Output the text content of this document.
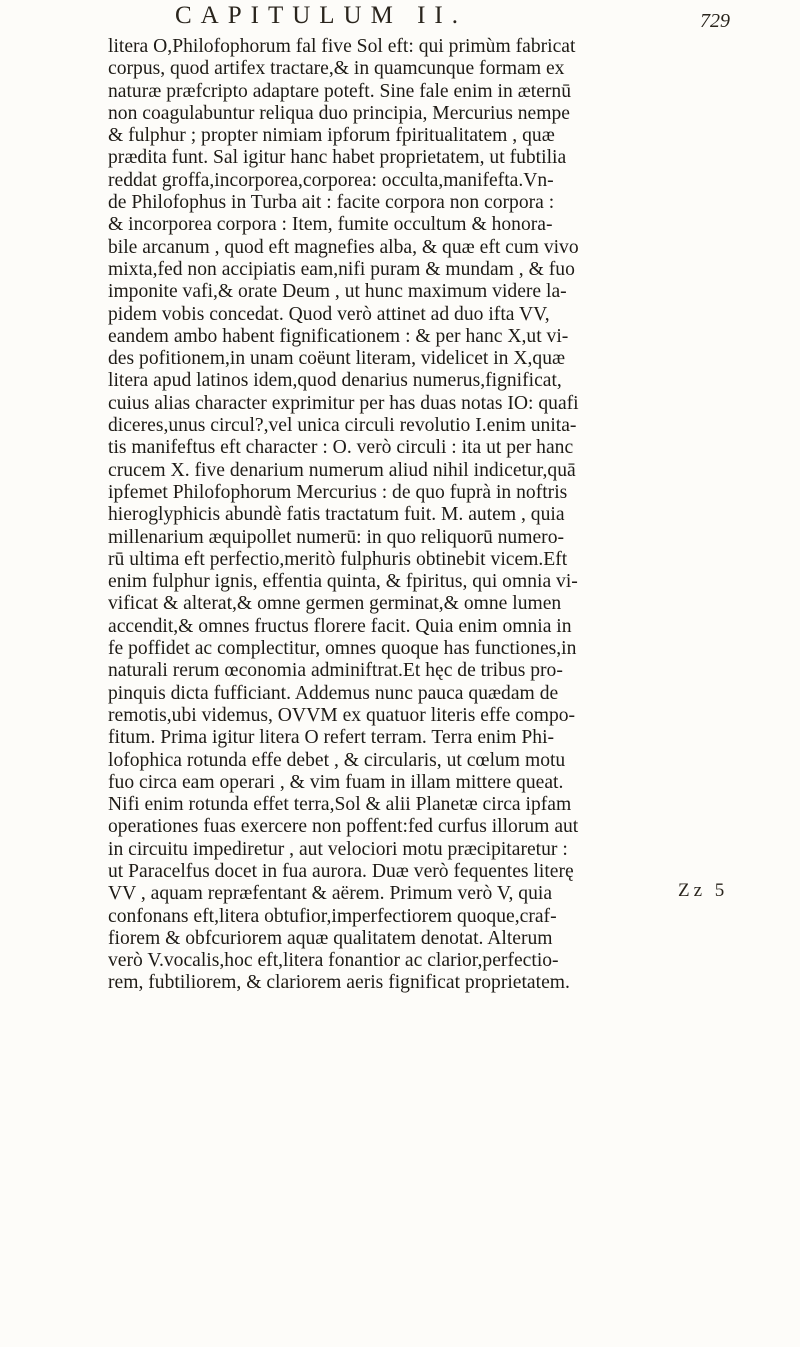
CAPITULUM II.	729
litera O,Philofophorum fal five Sol eft: qui primùm fabricat
corpus, quod artifex tractare,& in quamcunque formam ex
naturæ præfcripto adaptare poteft. Sine fale enim in æternū
non coagulabuntur reliqua duo principia, Mercurius nempe
& fulphur ; propter nimiam ipforum fpiritualitatem , quæ
prædita funt. Sal igitur hanc habet proprietatem, ut fubtilia
reddat groffa,incorporea,corporea: occulta,manifefta.Vn-
de Philofophus in Turba ait : facite corpora non corpora :
& incorporea corpora : Item, fumite occultum & honora-
bile arcanum , quod eft magnefies alba, & quæ eft cum vivo
mixta,fed non accipiatis eam,nifi puram & mundam , & fuo
imponite vafi,& orate Deum , ut hunc maximum videre la-
pidem vobis concedat. Quod verò attinet ad duo ifta VV,
eandem ambo habent fignificationem : & per hanc X,ut vi-
des pofitionem,in unam coëunt literam, videlicet in X,quæ
litera apud latinos idem,quod denarius numerus,fignificat,
cuius alias character exprimitur per has duas notas IO: quafi
diceres,unus circul?,vel unica circuli revolutio I.enim unita-
tis manifeftus eft character : O. verò circuli : ita ut per hanc
crucem X. five denarium numerum aliud nihil indicetur,quā
ipfemet Philofophorum Mercurius : de quo fuprà in noftris
hieroglyphicis abundè fatis tractatum fuit. M. autem , quia
millenarium æquipollet numerū: in quo reliquorū numero-
rū ultima eft perfectio,meritò fulphuris obtinebit vicem.Eft
enim fulphur ignis, effentia quinta, & fpiritus, qui omnia vi-
vificat & alterat,& omne germen germinat,& omne lumen
accendit,& omnes fructus florere facit. Quia enim omnia in
fe poffidet ac complectitur, omnes quoque has functiones,in
naturali rerum œconomia adminiftrat.Et hęc de tribus pro-
pinquis dicta fufficiant. Addemus nunc pauca quædam de
remotis,ubi videmus, OVVM ex quatuor literis effe compo-
fitum. Prima igitur litera O refert terram. Terra enim Phi-
lofophica rotunda effe debet , & circularis, ut cœlum motu
fuo circa eam operari , & vim fuam in illam mittere queat.
Nifi enim rotunda effet terra,Sol & alii Planetæ circa ipfam
operationes fuas exercere non poffent:fed curfus illorum aut
in circuitu impediretur , aut velociori motu præcipitaretur :
ut Paracelfus docet in fua aurora. Duæ verò fequentes literę
VV , aquam repræfentant & aërem. Primum verò V, quia
confonans eft,litera obtufior,imperfectiorem quoque,craf-
fiorem & obfcuriorem aquæ qualitatem denotat. Alterum
verò V.vocalis,hoc eft,litera fonantior ac clarior,perfectio-
rem, fubtiliorem, & clariorem aeris fignificat proprietatem.
Zz 5
